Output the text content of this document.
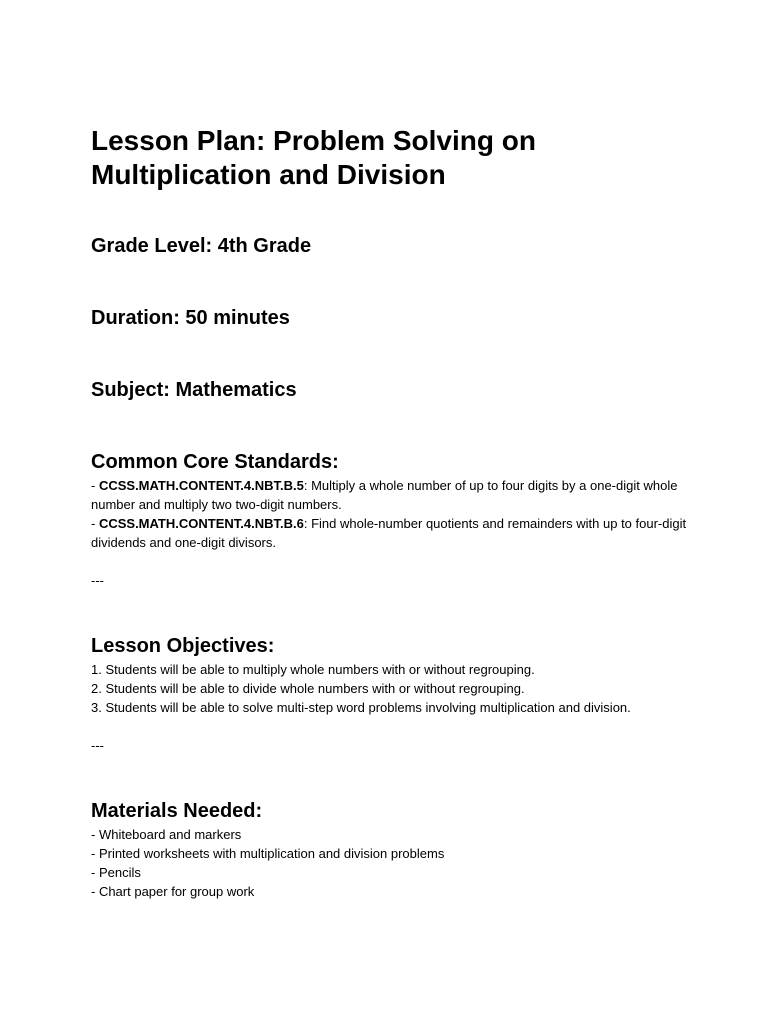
Lesson Plan: Problem Solving on Multiplication and Division

Grade Level: 4th Grade

Duration: 50 minutes

Subject: Mathematics

Common Core Standards:
- CCSS.MATH.CONTENT.4.NBT.B.5: Multiply a whole number of up to four digits by a one-digit whole number and multiply two two-digit numbers.
- CCSS.MATH.CONTENT.4.NBT.B.6: Find whole-number quotients and remainders with up to four-digit dividends and one-digit divisors.

---

Lesson Objectives:
1. Students will be able to multiply whole numbers with or without regrouping.
2. Students will be able to divide whole numbers with or without regrouping.
3. Students will be able to solve multi-step word problems involving multiplication and division.

---

Materials Needed:
- Whiteboard and markers
- Printed worksheets with multiplication and division problems
- Pencils
- Chart paper for group work
